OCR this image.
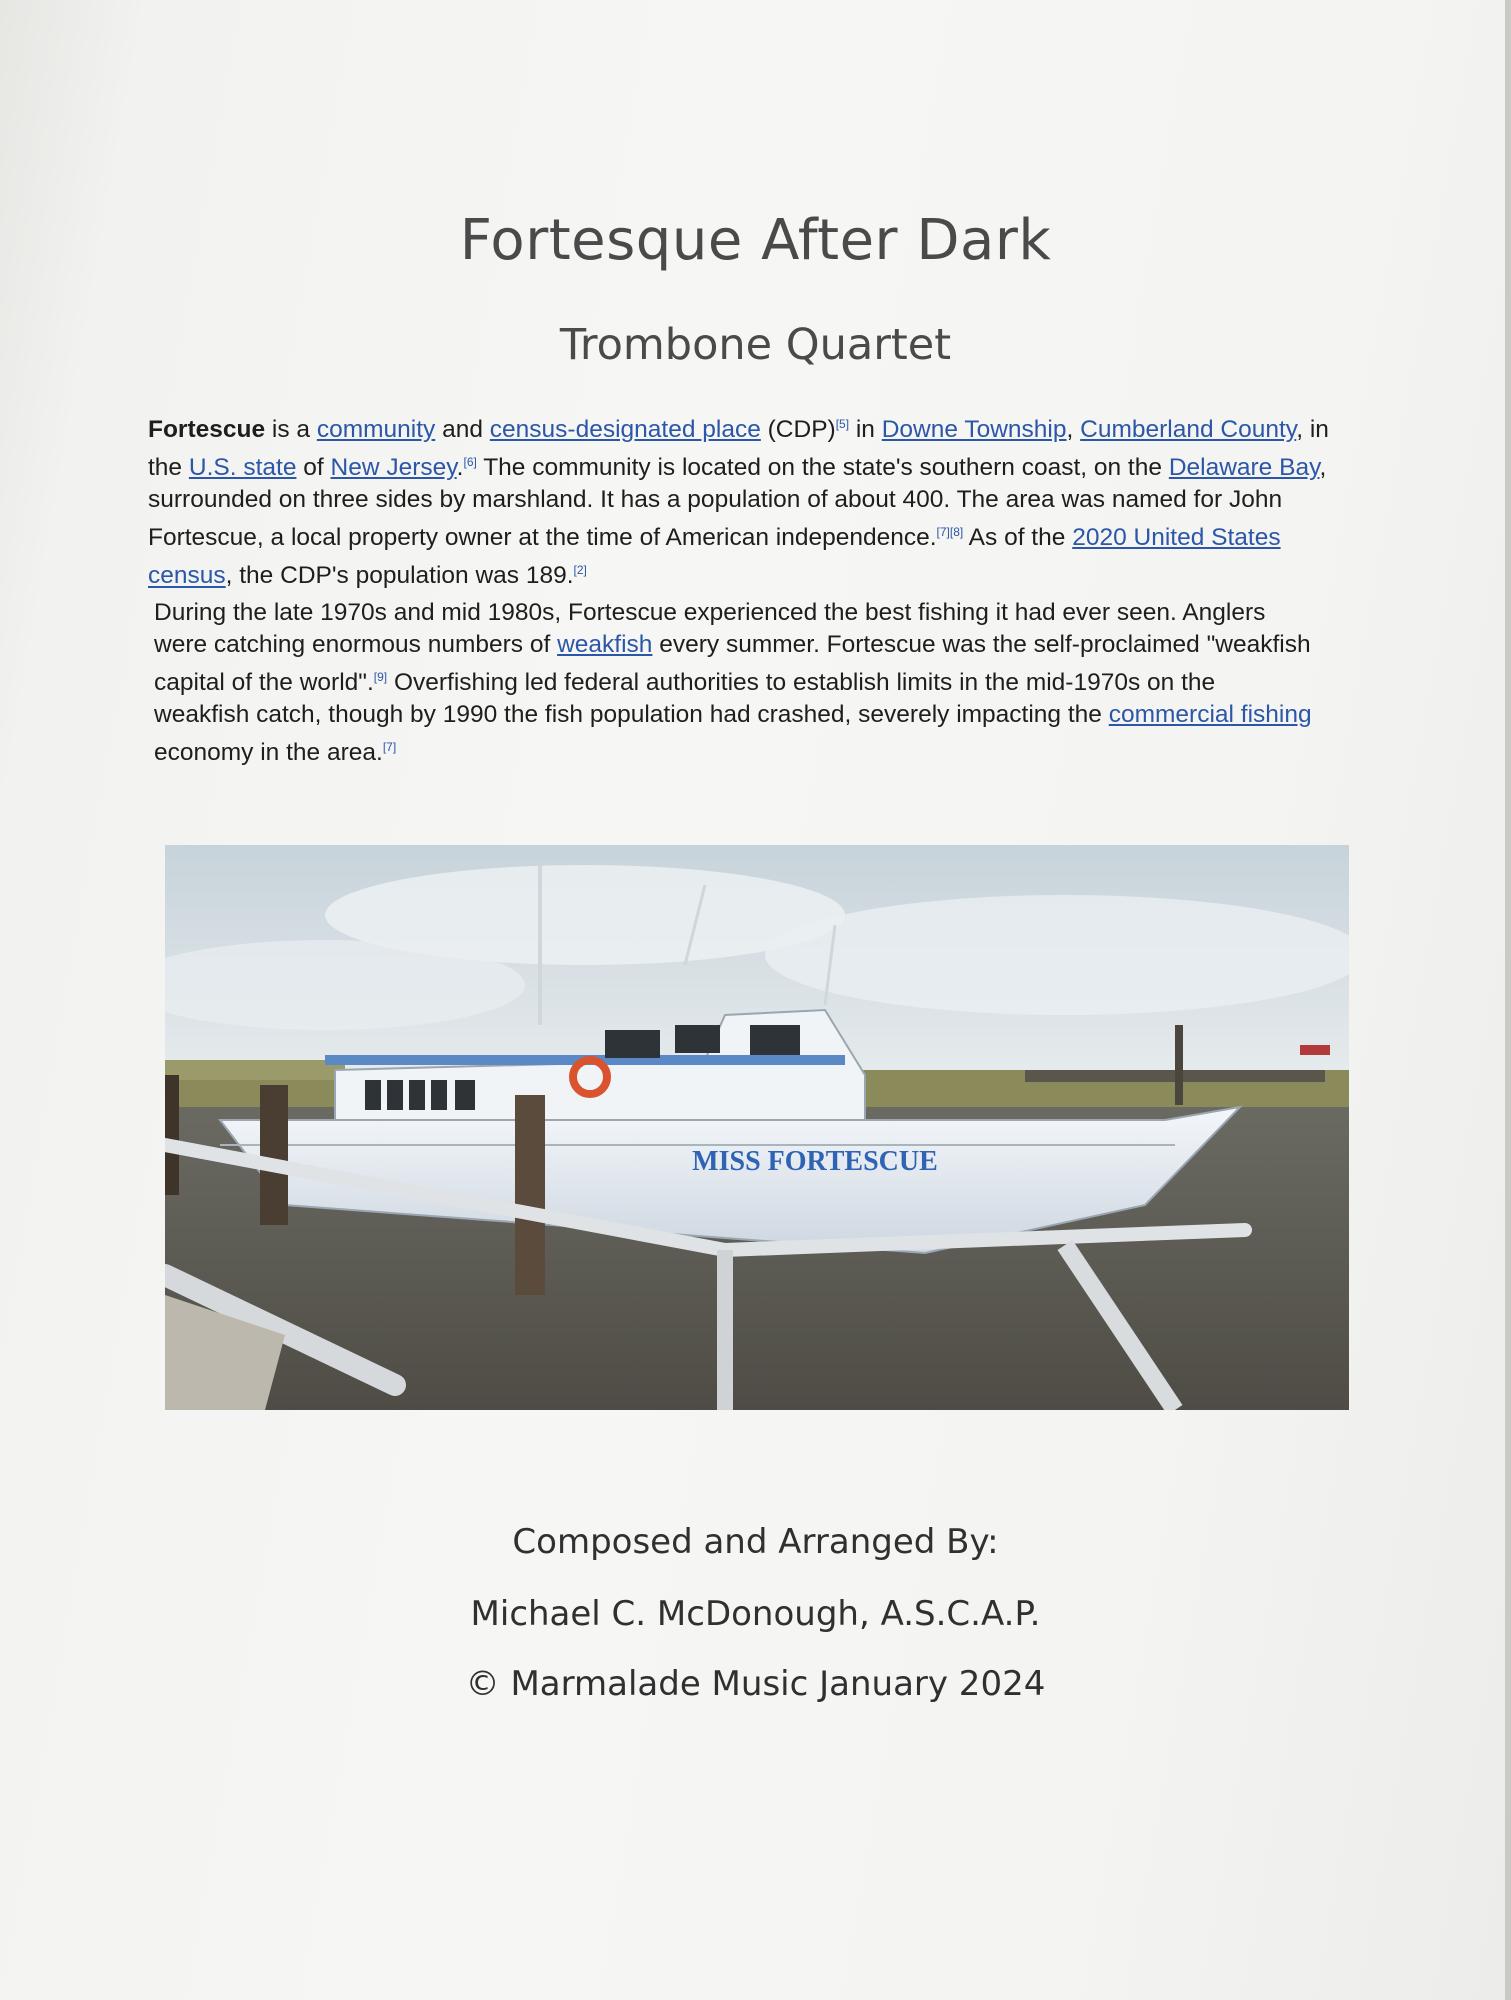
Fortesque After Dark
Trombone Quartet
Fortescue is a community and census-designated place (CDP)[5] in Downe Township, Cumberland County, in the U.S. state of New Jersey.[6] The community is located on the state's southern coast, on the Delaware Bay, surrounded on three sides by marshland. It has a population of about 400. The area was named for John Fortescue, a local property owner at the time of American independence.[7][8] As of the 2020 United States census, the CDP's population was 189.[2]
During the late 1970s and mid 1980s, Fortescue experienced the best fishing it had ever seen. Anglers were catching enormous numbers of weakfish every summer. Fortescue was the self-proclaimed "weakfish capital of the world".[9] Overfishing led federal authorities to establish limits in the mid-1970s on the weakfish catch, though by 1990 the fish population had crashed, severely impacting the commercial fishing economy in the area.[7]
MISS FORTESCUE
Composed and Arranged By:
Michael C. McDonough, A.S.C.A.P.
© Marmalade Music January 2024
